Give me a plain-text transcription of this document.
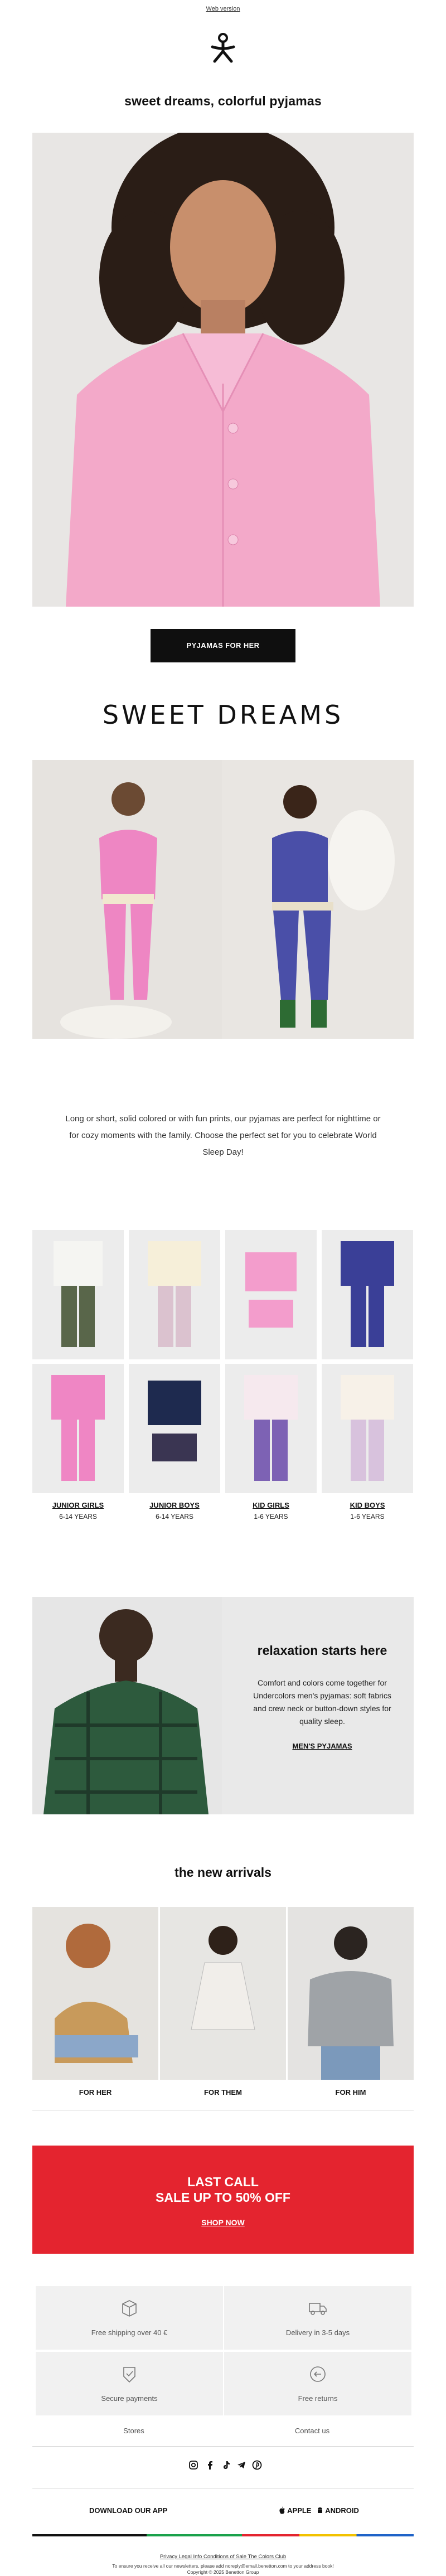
Web version
sweet dreams, colorful pyjamas
PYJAMAS FOR HER
SWEET DREAMS
Long or short, solid colored or with fun prints, our pyjamas are perfect for nighttime or for cozy moments with the family. Choose the perfect set for you to celebrate World Sleep Day!
JUNIOR GIRLS	JUNIOR BOYS	KID GIRLS	KID BOYS
6-14 YEARS	6-14 YEARS	1-6 YEARS	1-6 YEARS
relaxation starts here
Comfort and colors come together for Undercolors men's pyjamas: soft fabrics and crew neck or button-down styles for quality sleep.
MEN'S PYJAMAS
the new arrivals
FOR HER	FOR THEM	FOR HIM
LAST CALL
SALE UP TO 50% OFF
SHOP NOW
Free shipping over 40 €	Delivery in 3-5 days
Secure payments	Free returns
Stores	Contact us
DOWNLOAD OUR APP	APPLE ANDROID
Privacy Legal Info Conditions of Sale The Colors Club
To ensure you receive all our newsletters, please add noreply@email.benetton.com to your address book!
Copyright © 2025 Benetton Group
